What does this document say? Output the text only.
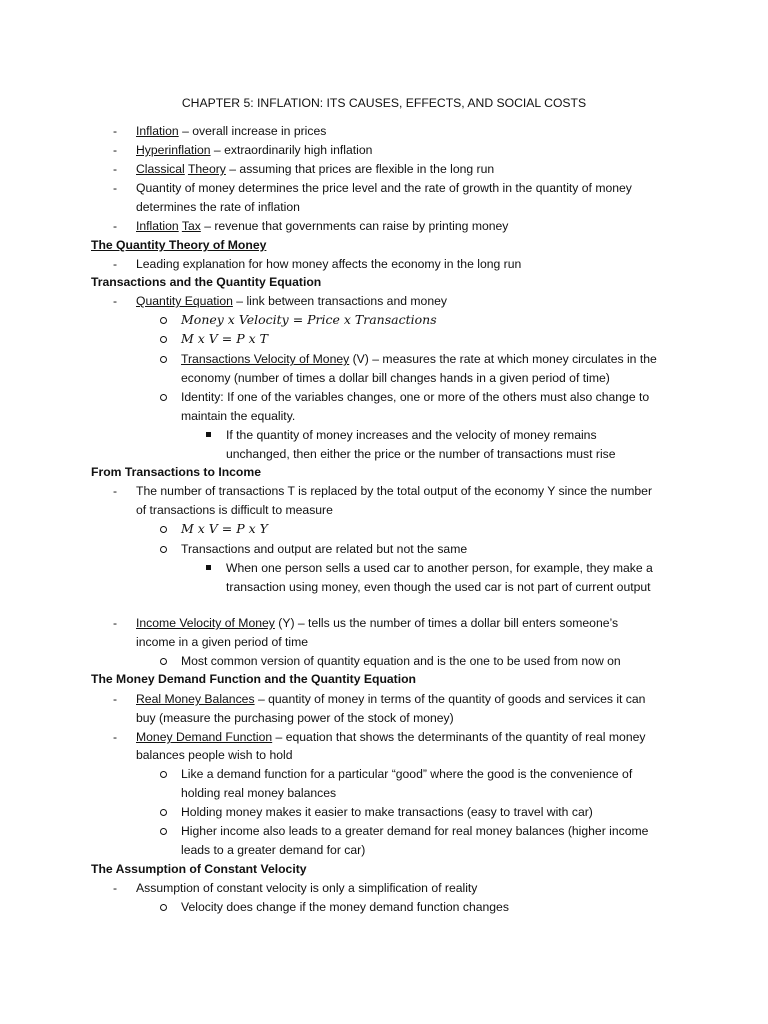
CHAPTER 5: INFLATION: ITS CAUSES, EFFECTS, AND SOCIAL COSTS
- Inflation – overall increase in prices
- Hyperinflation – extraordinarily high inflation
- Classical Theory – assuming that prices are flexible in the long run
- Quantity of money determines the price level and the rate of growth in the quantity of money
determines the rate of inflation
- Inflation Tax – revenue that governments can raise by printing money
The Quantity Theory of Money
- Leading explanation for how money affects the economy in the long run
Transactions and the Quantity Equation
- Quantity Equation – link between transactions and money
Money x Velocity = Price x Transactions
M x V = P x T
Transactions Velocity of Money (V) – measures the rate at which money circulates in the
economy (number of times a dollar bill changes hands in a given period of time)
Identity: If one of the variables changes, one or more of the others must also change to
maintain the equality.
If the quantity of money increases and the velocity of money remains
unchanged, then either the price or the number of transactions must rise
From Transactions to Income
- The number of transactions T is replaced by the total output of the economy Y since the number
of transactions is difficult to measure
M x V = P x Y
Transactions and output are related but not the same
When one person sells a used car to another person, for example, they make a
transaction using money, even though the used car is not part of current output
- Income Velocity of Money (Y) – tells us the number of times a dollar bill enters someone’s
income in a given period of time
Most common version of quantity equation and is the one to be used from now on
The Money Demand Function and the Quantity Equation
- Real Money Balances – quantity of money in terms of the quantity of goods and services it can
buy (measure the purchasing power of the stock of money)
- Money Demand Function – equation that shows the determinants of the quantity of real money
balances people wish to hold
Like a demand function for a particular “good” where the good is the convenience of
holding real money balances
Holding money makes it easier to make transactions (easy to travel with car)
Higher income also leads to a greater demand for real money balances (higher income
leads to a greater demand for car)
The Assumption of Constant Velocity
- Assumption of constant velocity is only a simplification of reality
Velocity does change if the money demand function changes
